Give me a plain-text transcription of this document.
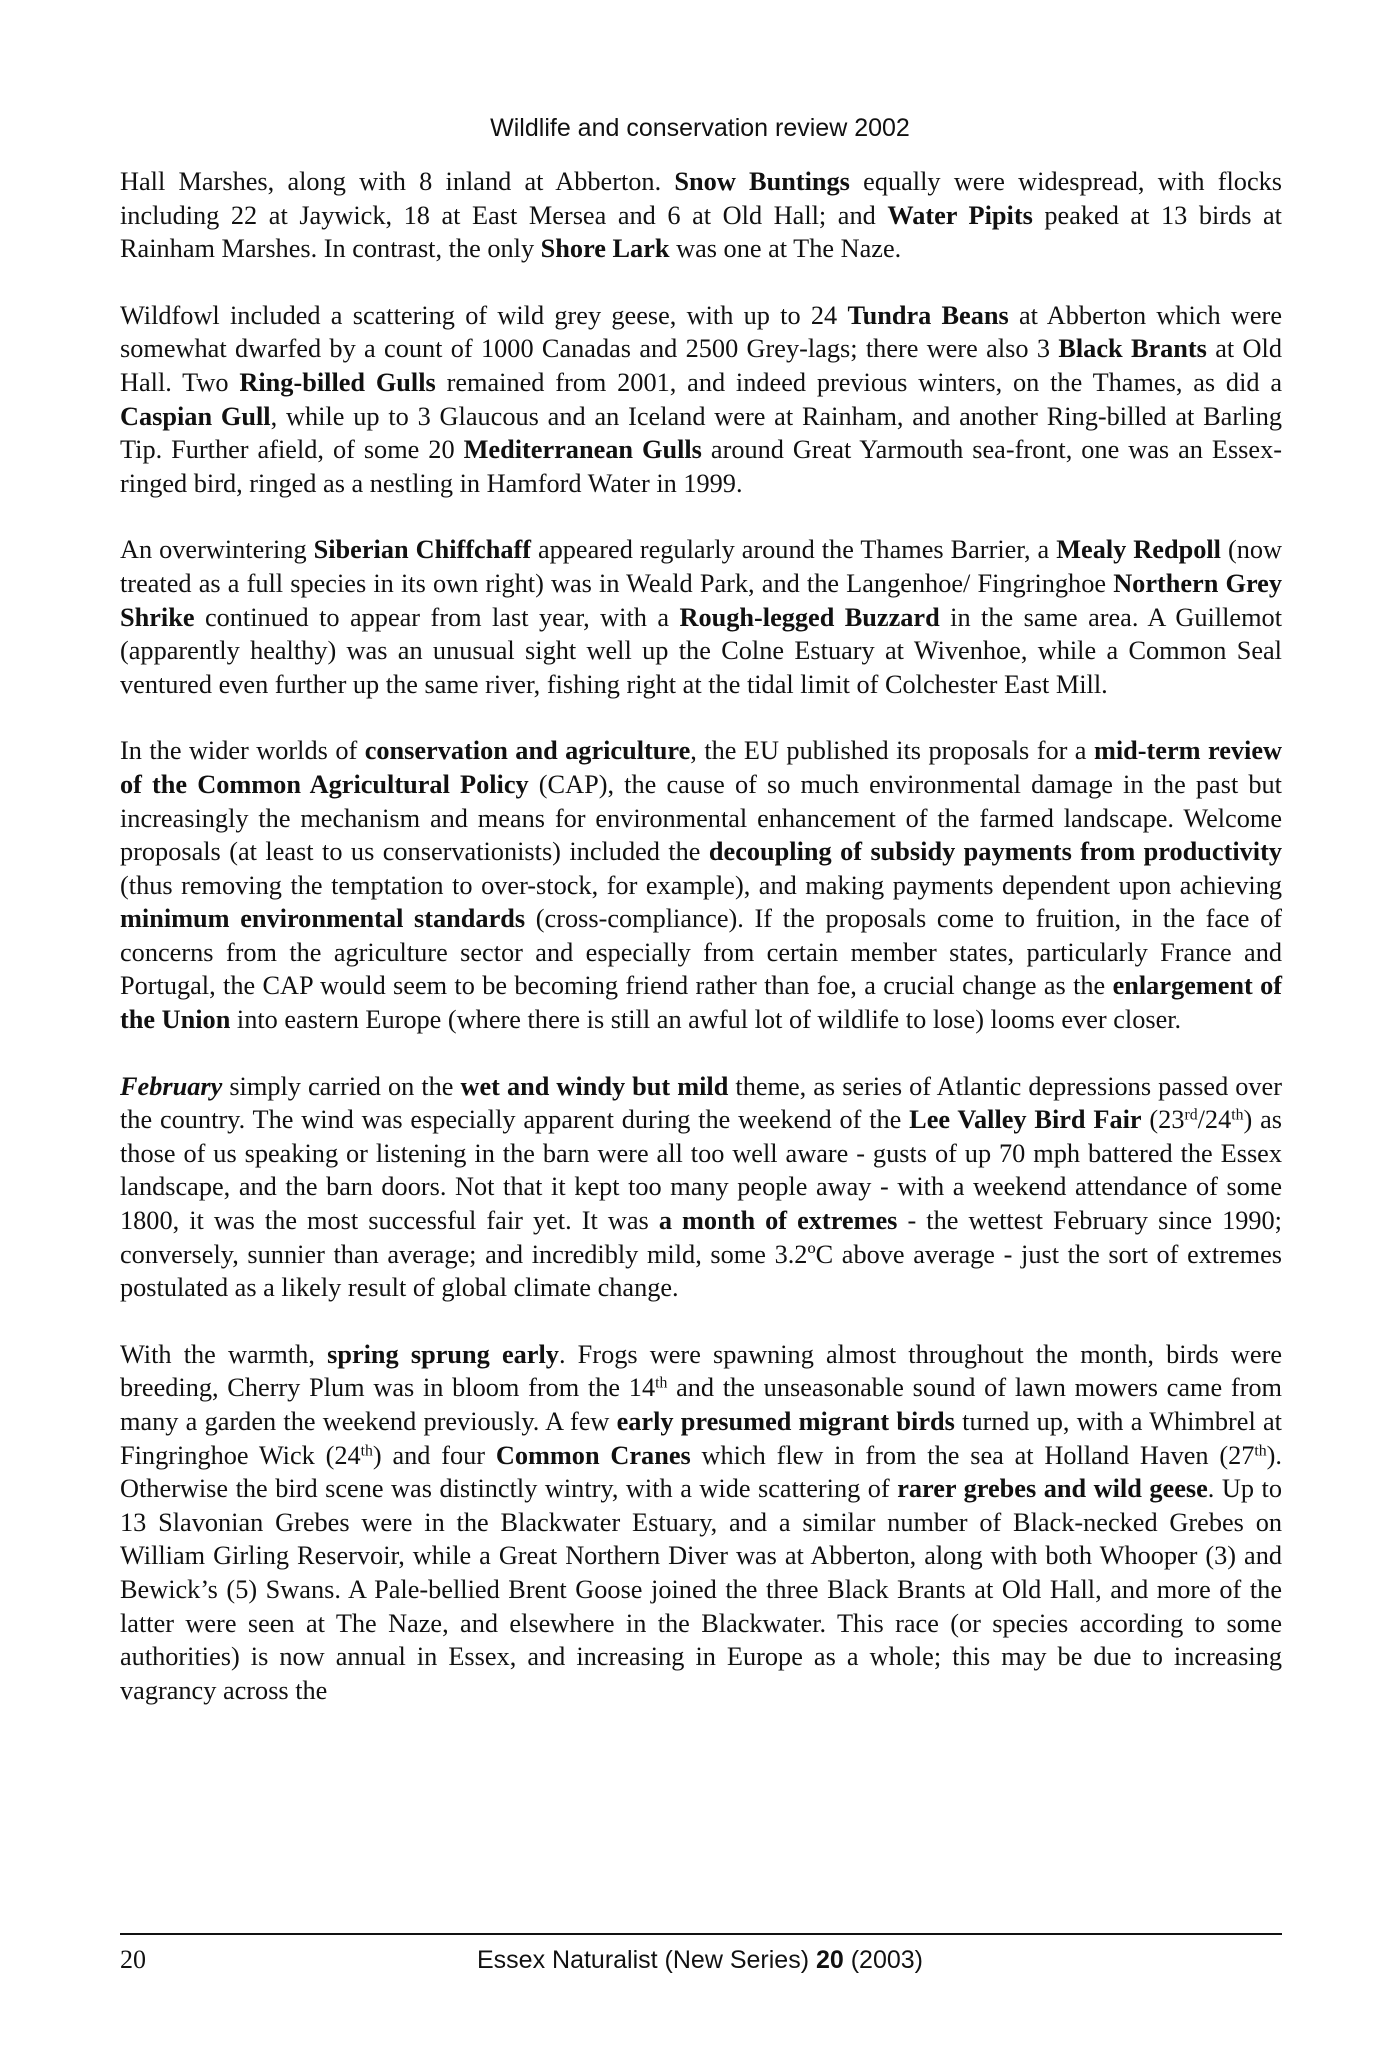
Wildlife and conservation review 2002

Hall Marshes, along with 8 inland at Abberton. Snow Buntings equally were widespread, with flocks including 22 at Jaywick, 18 at East Mersea and 6 at Old Hall; and Water Pipits peaked at 13 birds at Rainham Marshes. In contrast, the only Shore Lark was one at The Naze.

Wildfowl included a scattering of wild grey geese, with up to 24 Tundra Beans at Abberton which were somewhat dwarfed by a count of 1000 Canadas and 2500 Grey-lags; there were also 3 Black Brants at Old Hall. Two Ring-billed Gulls remained from 2001, and indeed previous winters, on the Thames, as did a Caspian Gull, while up to 3 Glaucous and an Iceland were at Rainham, and another Ring-billed at Barling Tip. Further afield, of some 20 Mediterranean Gulls around Great Yarmouth sea-front, one was an Essex-ringed bird, ringed as a nestling in Hamford Water in 1999.

An overwintering Siberian Chiffchaff appeared regularly around the Thames Barrier, a Mealy Redpoll (now treated as a full species in its own right) was in Weald Park, and the Langenhoe/ Fingringhoe Northern Grey Shrike continued to appear from last year, with a Rough-legged Buzzard in the same area. A Guillemot (apparently healthy) was an unusual sight well up the Colne Estuary at Wivenhoe, while a Common Seal ventured even further up the same river, fishing right at the tidal limit of Colchester East Mill.

In the wider worlds of conservation and agriculture, the EU published its proposals for a mid-term review of the Common Agricultural Policy (CAP), the cause of so much environmental damage in the past but increasingly the mechanism and means for environmental enhancement of the farmed landscape. Welcome proposals (at least to us conservationists) included the decoupling of subsidy payments from productivity (thus removing the temptation to over-stock, for example), and making payments dependent upon achieving minimum environmental standards (cross-compliance). If the proposals come to fruition, in the face of concerns from the agriculture sector and especially from certain member states, particularly France and Portugal, the CAP would seem to be becoming friend rather than foe, a crucial change as the enlargement of the Union into eastern Europe (where there is still an awful lot of wildlife to lose) looms ever closer.

February simply carried on the wet and windy but mild theme, as series of Atlantic depressions passed over the country. The wind was especially apparent during the weekend of the Lee Valley Bird Fair (23rd/24th) as those of us speaking or listening in the barn were all too well aware - gusts of up 70 mph battered the Essex landscape, and the barn doors. Not that it kept too many people away - with a weekend attendance of some 1800, it was the most successful fair yet. It was a month of extremes - the wettest February since 1990; conversely, sunnier than average; and incredibly mild, some 3.2ºC above average - just the sort of extremes postulated as a likely result of global climate change.

With the warmth, spring sprung early. Frogs were spawning almost throughout the month, birds were breeding, Cherry Plum was in bloom from the 14th and the unseasonable sound of lawn mowers came from many a garden the weekend previously. A few early presumed migrant birds turned up, with a Whimbrel at Fingringhoe Wick (24th) and four Common Cranes which flew in from the sea at Holland Haven (27th). Otherwise the bird scene was distinctly wintry, with a wide scattering of rarer grebes and wild geese. Up to 13 Slavonian Grebes were in the Blackwater Estuary, and a similar number of Black-necked Grebes on William Girling Reservoir, while a Great Northern Diver was at Abberton, along with both Whooper (3) and Bewick’s (5) Swans. A Pale-bellied Brent Goose joined the three Black Brants at Old Hall, and more of the latter were seen at The Naze, and elsewhere in the Blackwater. This race (or species according to some authorities) is now annual in Essex, and increasing in Europe as a whole; this may be due to increasing vagrancy across the

20	Essex Naturalist (New Series) 20 (2003)
